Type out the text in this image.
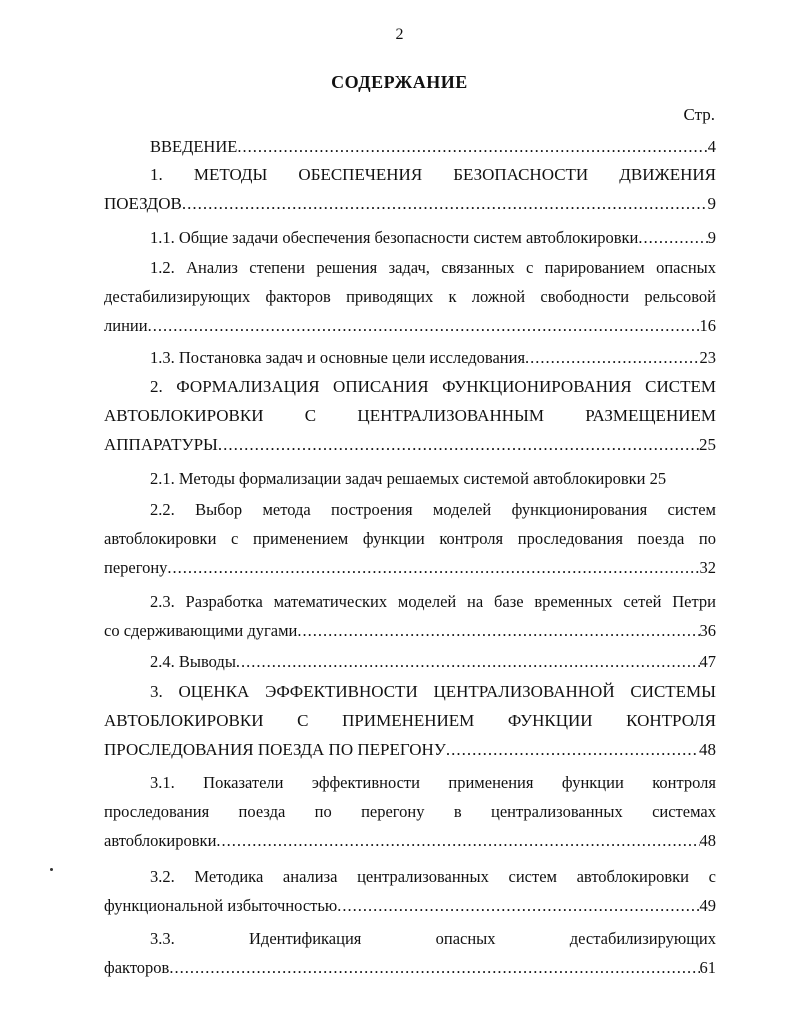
2
СОДЕРЖАНИЕ
Стр.
ВВЕДЕНИЕ .....	4
1. МЕТОДЫ ОБЕСПЕЧЕНИЯ БЕЗОПАСНОСТИ ДВИЖЕНИЯ
ПОЕЗДОВ .....	9
1.1. Общие задачи обеспечения безопасности систем автоблокировки .....	9
1.2. Анализ степени решения задач, связанных с парированием опасных
дестабилизирующих факторов приводящих к ложной свободности рельсовой
линии .....	16
1.3. Постановка задач и основные цели исследования .....	23
2. ФОРМАЛИЗАЦИЯ ОПИСАНИЯ ФУНКЦИОНИРОВАНИЯ СИСТЕМ
АВТОБЛОКИРОВКИ С ЦЕНТРАЛИЗОВАННЫМ РАЗМЕЩЕНИЕМ
АППАРАТУРЫ .....	25
2.1. Методы формализации задач решаемых системой автоблокировки 25
2.2. Выбор метода построения моделей функционирования систем
автоблокировки с применением функции контроля проследования поезда по
перегону .....	32
2.3. Разработка математических моделей на базе временных сетей Петри
со сдерживающими дугами .....	36
2.4. Выводы .....	47
3. ОЦЕНКА ЭФФЕКТИВНОСТИ ЦЕНТРАЛИЗОВАННОЙ СИСТЕМЫ
АВТОБЛОКИРОВКИ С ПРИМЕНЕНИЕМ ФУНКЦИИ КОНТРОЛЯ
ПРОСЛЕДОВАНИЯ ПОЕЗДА ПО ПЕРЕГОНУ .....	48
3.1. Показатели эффективности применения функции контроля
проследования поезда по перегону в централизованных системах
автоблокировки .....	48
3.2. Методика анализа централизованных систем автоблокировки с
функциональной избыточностью .....	49
3.3. Идентификация опасных дестабилизирующих
факторов .....	61
